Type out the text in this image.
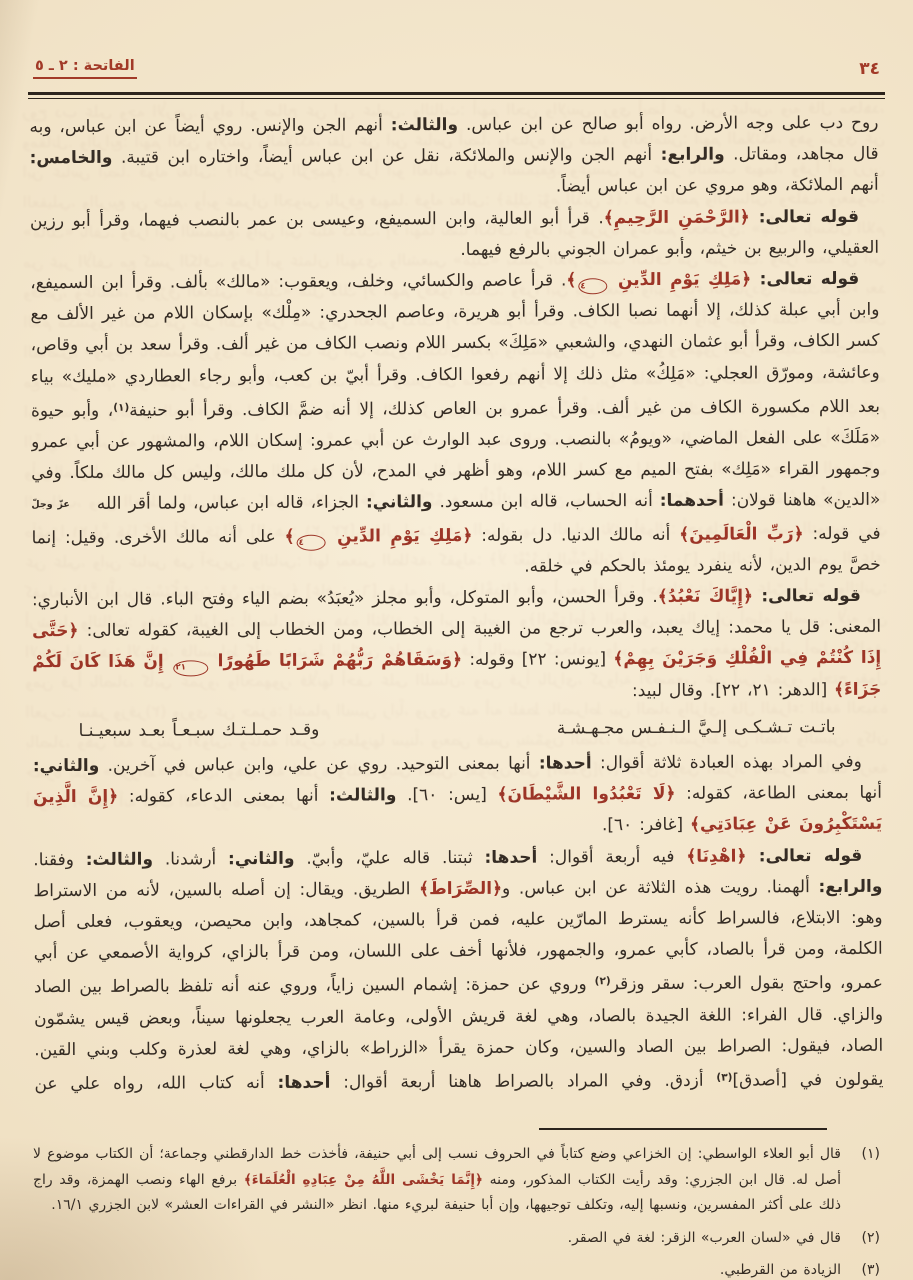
٣٤
الفاتحة : ٢ ـ ٥

روح دب على وجه الأرض. رواه أبو صالح عن ابن عباس. والثالث: أنهم الجن والإنس. روي أيضاً عن ابن عباس، وبه قال مجاهد، ومقاتل. والرابع: أنهم الجن والإنس والملائكة، نقل عن ابن عباس أيضاً، واختاره ابن قتيبة. والخامس: أنهم الملائكة، وهو مروي عن ابن عباس أيضاً.

قوله تعالى: ﴿الرَّحْمَنِ الرَّحِيمِ﴾. قرأ أبو العالية، وابن السميفع، وعيسى بن عمر بالنصب فيهما، وقرأ أبو رزين العقيلي، والربيع بن خيثم، وأبو عمران الجوني بالرفع فيهما.

قوله تعالى: ﴿مَلِكِ يَوْمِ الدِّينِ ٤﴾. قرأ عاصم والكسائي، وخلف، ويعقوب: «مالك» بألف. وقرأ ابن السميفع، وابن أبي عبلة كذلك، إلا أنهما نصبا الكاف. وقرأ أبو هريرة، وعاصم الجحدري: «مِلْك» بإسكان اللام من غير الألف مع كسر الكاف، وقرأ أبو عثمان النهدي، والشعبي «مَلِكَ» بكسر اللام ونصب الكاف من غير ألف. وقرأ سعد بن أبي وقاص، وعائشة، ومورّق العجلي: «مَلِكُ» مثل ذلك إلا أنهم رفعوا الكاف. وقرأ أبيّ بن كعب، وأبو رجاء العطاردي «مليك» بياء بعد اللام مكسورة الكاف من غير ألف. وقرأ عمرو بن العاص كذلك، إلا أنه ضمَّ الكاف. وقرأ أبو حنيفة$^{(١)}$، وأبو حيوة «مَلَكَ» على الفعل الماضي، «ويومُ» بالنصب. وروى عبد الوارث عن أبي عمرو: إسكان اللام، والمشهور عن أبي عمرو وجمهور القراء «مَلِك» بفتح الميم مع كسر اللام، وهو أظهر في المدح، لأن كل ملك مالك، وليس كل مالك ملكاً. وفي «الدين» هاهنا قولان: أحدهما: أنه الحساب، قاله ابن مسعود. والثاني: الجزاء، قاله ابن عباس، ولما أقر الله عزّ وجلّ في قوله: ﴿رَبِّ الْعَالَمِينَ﴾ أنه مالك الدنيا. دل بقوله: ﴿مَلِكِ يَوْمِ الدِّينِ ٤﴾ على أنه مالك الأخرى. وقيل: إنما خصَّ يوم الدين، لأنه ينفرد يومئذ بالحكم في خلقه.

قوله تعالى: ﴿إِيَّاكَ نَعْبُدُ﴾. وقرأ الحسن، وأبو المتوكل، وأبو مجلز «يُعبَدُ» بضم الياء وفتح الباء. قال ابن الأنباري: المعنى: قل يا محمد: إياك يعبد، والعرب ترجع من الغيبة إلى الخطاب، ومن الخطاب إلى الغيبة، كقوله تعالى: ﴿حَتَّى إِذَا كُنْتُمْ فِي الْفُلْكِ وَجَرَيْنَ بِهِمْ﴾ [يونس: ٢٢] وقوله: ﴿وَسَقَاهُمْ رَبُّهُمْ شَرَابًا طَهُورًا ٢١ إِنَّ هَذَا كَانَ لَكُمْ جَزَاءً﴾ [الدهر: ٢١، ٢٢]. وقال لبيد:

باتـت تـشـكـى إلـيَّ الـنـفـس مجـهـشـة
وقـد حمـلـتـك سبـعـاً بعـد سبعيـنـا

وفي المراد بهذه العبادة ثلاثة أقوال: أحدها: أنها بمعنى التوحيد. روي عن علي، وابن عباس في آخرين. والثاني: أنها بمعنى الطاعة، كقوله: ﴿لَا تَعْبُدُوا الشَّيْطَانَ﴾ [يس: ٦٠]. والثالث: أنها بمعنى الدعاء، كقوله: ﴿إِنَّ الَّذِينَ يَسْتَكْبِرُونَ عَنْ عِبَادَتِي﴾ [غافر: ٦٠].

قوله تعالى: ﴿اهْدِنَا﴾ فيه أربعة أقوال: أحدها: ثبتنا. قاله عليّ، وأبيّ. والثاني: أرشدنا. والثالث: وفقنا. والرابع: ألهمنا. رويت هذه الثلاثة عن ابن عباس. و﴿الصِّرَاطَ﴾ الطريق. ويقال: إن أصله بالسين، لأنه من الاستراط وهو: الابتلاع، فالسراط كأنه يسترط المارّين عليه، فمن قرأ بالسين، كمجاهد، وابن محيصن، ويعقوب، فعلى أصل الكلمة، ومن قرأ بالصاد، كأبي عمرو، والجمهور، فلأنها أخف على اللسان، ومن قرأ بالزاي، كرواية الأصمعي عن أبي عمرو، واحتج بقول العرب: سقر وزقر$^{(٢)}$ وروي عن حمزة: إشمام السين زاياً، وروي عنه أنه تلفظ بالصراط بين الصاد والزاي. قال الفراء: اللغة الجيدة بالصاد، وهي لغة قريش الأولى، وعامة العرب يجعلونها سيناً، وبعض قيس يشمّون الصاد، فيقول: الصراط بين الصاد والسين، وكان حمزة يقرأ «الزراط» بالزاي، وهي لغة لعذرة وكلب وبني القين. يقولون في [أصدق]$^{(٣)}$ أزدق. وفي المراد بالصراط هاهنا أربعة أقوال: أحدها: أنه كتاب الله، رواه علي عن

(١)
قال أبو العلاء الواسطي: إن الخزاعي وضع كتاباً في الحروف نسب إلى أبي حنيفة، فأخذت خط الدارقطني وجماعة؛ أن الكتاب موضوع لا أصل له. قال ابن الجزري: وقد رأيت الكتاب المذكور، ومنه ﴿إِنَّمَا يَخْشَى اللَّهُ مِنْ عِبَادِهِ الْعُلَمَاءَ﴾ برفع الهاء ونصب الهمزة، وقد راج ذلك على أكثر المفسرين، ونسبها إليه، وتكلف توجيهها، وإن أبا حنيفة لبريء منها. انظر «النشر في القراءات العشر» لابن الجزري ١٦/١.
(٢)
قال في «لسان العرب» الزقر: لغة في الصقر.
(٣)
الزيادة من القرطبي.
